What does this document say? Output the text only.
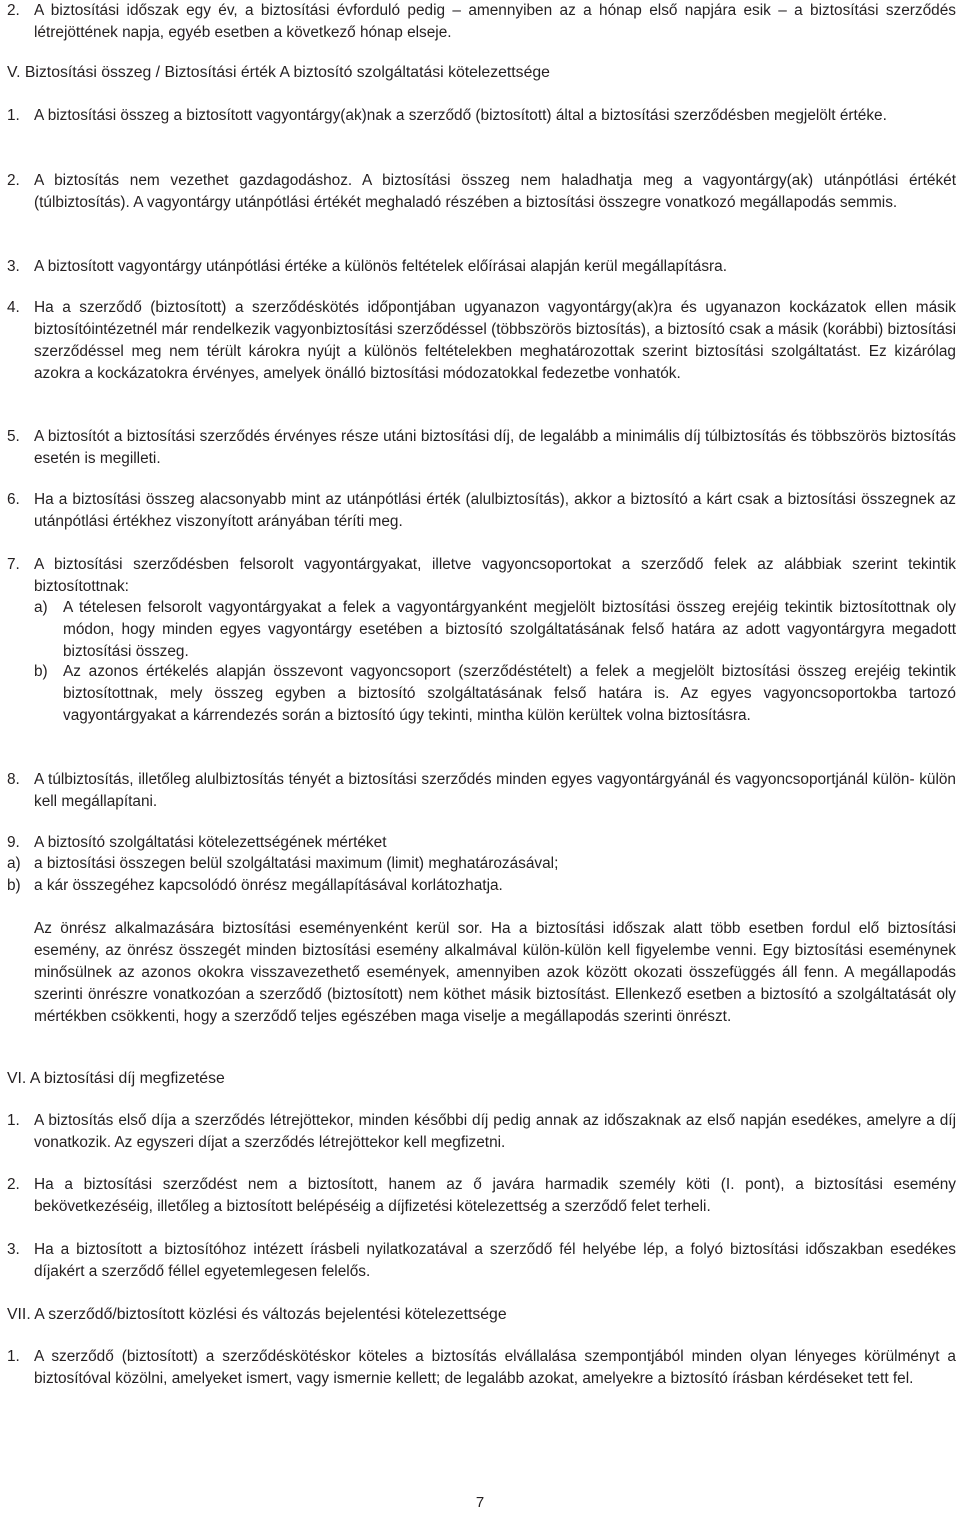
2. A biztosítási időszak egy év, a biztosítási évforduló pedig – amennyiben az a hónap első napjára esik – a biztosítási szerződés létrejöttének napja, egyéb esetben a következő hónap elseje.
V. Biztosítási összeg / Biztosítási érték A biztosító szolgáltatási kötelezettsége
1. A biztosítási összeg a biztosított vagyontárgy(ak)nak a szerződő (biztosított) által a biztosítási szerződésben megjelölt értéke.
2. A biztosítás nem vezethet gazdagodáshoz. A biztosítási összeg nem haladhatja meg a vagyontárgy(ak) utánpótlási értékét (túlbiztosítás). A vagyontárgy utánpótlási értékét meghaladó részében a biztosítási összegre vonatkozó megállapodás semmis.
3. A biztosított vagyontárgy utánpótlási értéke a különös feltételek előírásai alapján kerül megállapításra.
4. Ha a szerződő (biztosított) a szerződéskötés időpontjában ugyanazon vagyontárgy(ak)ra és ugyanazon kockázatok ellen másik biztosítóintézetnél már rendelkezik vagyonbiztosítási szerződéssel (többszörös biztosítás), a biztosító csak a másik (korábbi) biztosítási szerződéssel meg nem térült károkra nyújt a különös feltételekben meghatározottak szerint biztosítási szolgáltatást. Ez kizárólag azokra a kockázatokra érvényes, amelyek önálló biztosítási módozatokkal fedezetbe vonhatók.
5. A biztosítót a biztosítási szerződés érvényes része utáni biztosítási díj, de legalább a minimális díj túlbiztosítás és többszörös biztosítás esetén is megilleti.
6. Ha a biztosítási összeg alacsonyabb mint az utánpótlási érték (alulbiztosítás), akkor a biztosító a kárt csak a biztosítási összegnek az utánpótlási értékhez viszonyított arányában téríti meg.
7. A biztosítási szerződésben felsorolt vagyontárgyakat, illetve vagyoncsoportokat a szerződő felek az alábbiak szerint tekintik biztosítottnak:
a) A tételesen felsorolt vagyontárgyakat a felek a vagyontárgyanként megjelölt biztosítási összeg erejéig tekintik biztosítottnak oly módon, hogy minden egyes vagyontárgy esetében a biztosító szolgáltatásának felső határa az adott vagyontárgyra megadott biztosítási összeg.
b) Az azonos értékelés alapján összevont vagyoncsoport (szerződéstételt) a felek a megjelölt biztosítási összeg erejéig tekintik biztosítottnak, mely összeg egyben a biztosító szolgáltatásának felső határa is. Az egyes vagyoncsoportokba tartozó vagyontárgyakat a kárrendezés során a biztosító úgy tekinti, mintha külön kerültek volna biztosításra.
8. A túlbiztosítás, illetőleg alulbiztosítás tényét a biztosítási szerződés minden egyes vagyontárgyánál és vagyoncsoportjánál külön- külön kell megállapítani.
9. A biztosító szolgáltatási kötelezettségének mértéket
a) a biztosítási összegen belül szolgáltatási maximum (limit) meghatározásával;
b) a kár összegéhez kapcsolódó önrész megállapításával korlátozhatja.
Az önrész alkalmazására biztosítási eseményenként kerül sor. Ha a biztosítási időszak alatt több esetben fordul elő biztosítási esemény, az önrész összegét minden biztosítási esemény alkalmával külön-külön kell figyelembe venni. Egy biztosítási eseménynek minősülnek az azonos okokra visszavezethető események, amennyiben azok között okozati összefüggés áll fenn. A megállapodás szerinti önrészre vonatkozóan a szerződő (biztosított) nem köthet másik biztosítást. Ellenkező esetben a biztosító a szolgáltatását oly mértékben csökkenti, hogy a szerződő teljes egészében maga viselje a megállapodás szerinti önrészt.
VI. A biztosítási díj megfizetése
1. A biztosítás első díja a szerződés létrejöttekor, minden későbbi díj pedig annak az időszaknak az első napján esedékes, amelyre a díj vonatkozik. Az egyszeri díjat a szerződés létrejöttekor kell megfizetni.
2. Ha a biztosítási szerződést nem a biztosított, hanem az ő javára harmadik személy köti (I. pont), a biztosítási esemény bekövetkezéséig, illetőleg a biztosított belépéséig a díjfizetési kötelezettség a szerződő felet terheli.
3. Ha a biztosított a biztosítóhoz intézett írásbeli nyilatkozatával a szerződő fél helyébe lép, a folyó biztosítási időszakban esedékes díjakért a szerződő féllel egyetemlegesen felelős.
VII. A szerződő/biztosított közlési és változás bejelentési kötelezettsége
1. A szerződő (biztosított) a szerződéskötéskor köteles a biztosítás elvállalása szempontjából minden olyan lényeges körülményt a biztosítóval közölni, amelyeket ismert, vagy ismernie kellett; de legalább azokat, amelyekre a biztosító írásban kérdéseket tett fel.
7
